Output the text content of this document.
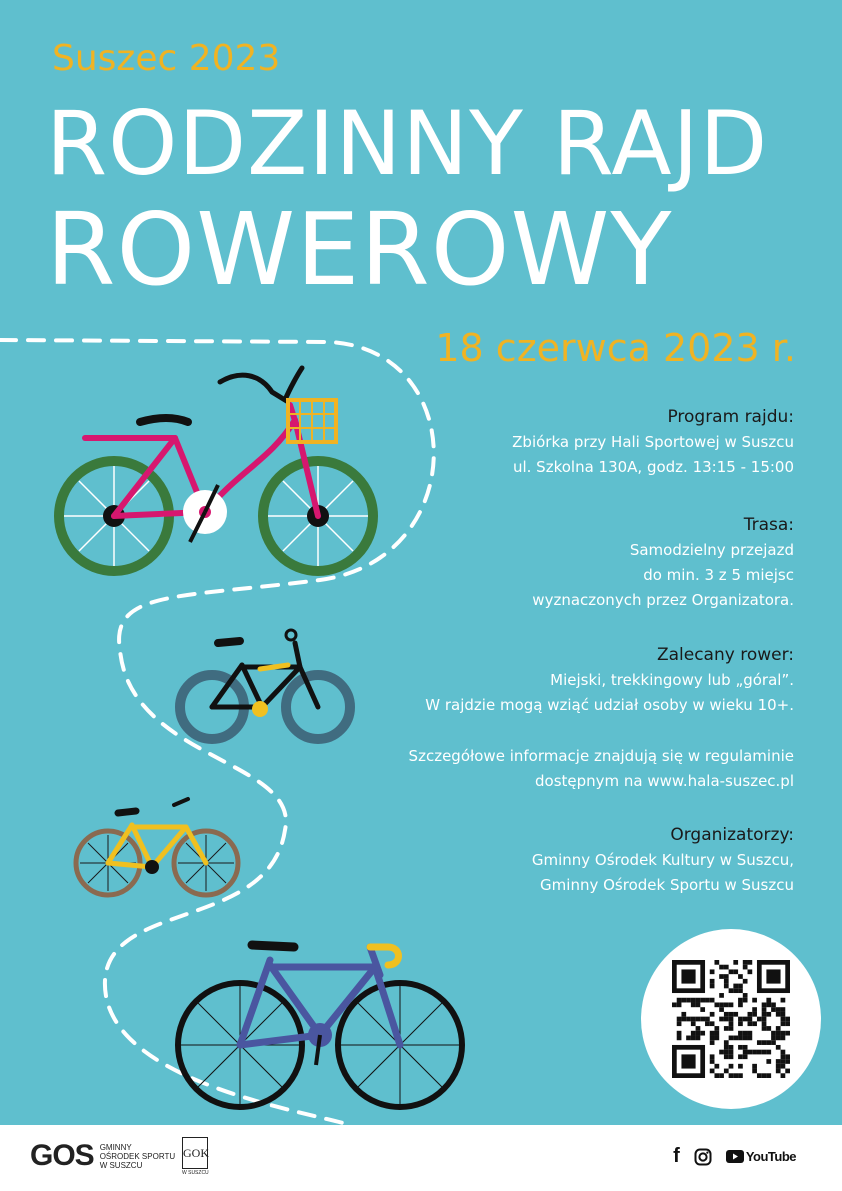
Suszec 2023
RODZINNY RAJD
ROWEROWY
18 czerwca 2023 r.
Program rajdu:
Zbiórka przy Hali Sportowej w Suszcu
ul. Szkolna 130A, godz. 13:15 - 15:00
Trasa:
Samodzielny przejazd
do min. 3 z 5 miejsc
wyznaczonych przez Organizatora.
Zalecany rower:
Miejski, trekkingowy lub „góral”.
W rajdzie mogą wziąć udział osoby w wieku 10+.
Szczegółowe informacje znajdują się w regulaminie
dostępnym na www.hala-suszec.pl
Organizatorzy:
Gminny Ośrodek Kultury w Suszcu,
Gminny Ośrodek Sportu w Suszcu
GOS GMINNY
OŚRODEK SPORTU
W SUSZCU
GOK
W SUSZCU
f	YouTube
